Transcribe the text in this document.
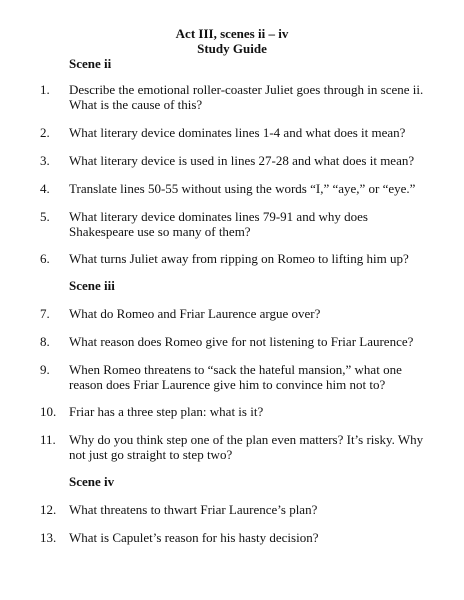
Act III, scenes ii – iv
Study Guide
Scene ii
1. Describe the emotional roller-coaster Juliet goes through in scene ii. What is the cause of this?
2. What literary device dominates lines 1-4 and what does it mean?
3. What literary device is used in lines 27-28 and what does it mean?
4. Translate lines 50-55 without using the words “I,” “aye,” or “eye.”
5. What literary device dominates lines 79-91 and why does Shakespeare use so many of them?
6. What turns Juliet away from ripping on Romeo to lifting him up?
Scene iii
7. What do Romeo and Friar Laurence argue over?
8. What reason does Romeo give for not listening to Friar Laurence?
9. When Romeo threatens to “sack the hateful mansion,” what one reason does Friar Laurence give him to convince him not to?
10. Friar has a three step plan: what is it?
11. Why do you think step one of the plan even matters? It’s risky. Why not just go straight to step two?
Scene iv
12. What threatens to thwart Friar Laurence’s plan?
13. What is Capulet’s reason for his hasty decision?
